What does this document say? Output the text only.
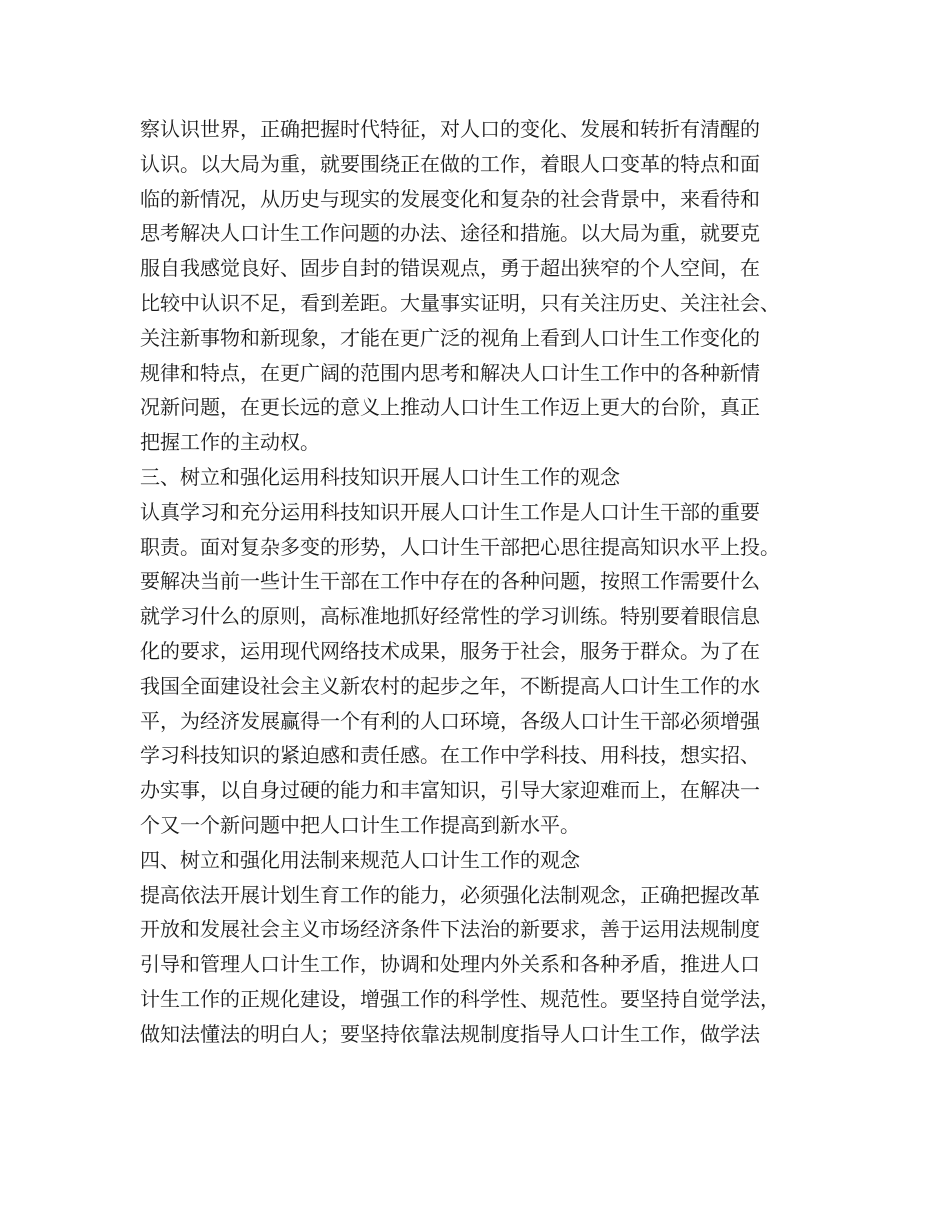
察认识世界，正确把握时代特征，对人口的变化、发展和转折有清醒的
认识。以大局为重，就要围绕正在做的工作，着眼人口变革的特点和面
临的新情况，从历史与现实的发展变化和复杂的社会背景中，来看待和
思考解决人口计生工作问题的办法、途径和措施。以大局为重，就要克
服自我感觉良好、固步自封的错误观点，勇于超出狭窄的个人空间，在
比较中认识不足，看到差距。大量事实证明，只有关注历史、关注社会、
关注新事物和新现象，才能在更广泛的视角上看到人口计生工作变化的
规律和特点，在更广阔的范围内思考和解决人口计生工作中的各种新情
况新问题，在更长远的意义上推动人口计生工作迈上更大的台阶，真正
把握工作的主动权。
三、树立和强化运用科技知识开展人口计生工作的观念
认真学习和充分运用科技知识开展人口计生工作是人口计生干部的重要
职责。面对复杂多变的形势，人口计生干部把心思往提高知识水平上投。
要解决当前一些计生干部在工作中存在的各种问题，按照工作需要什么
就学习什么的原则，高标准地抓好经常性的学习训练。特别要着眼信息
化的要求，运用现代网络技术成果，服务于社会，服务于群众。为了在
我国全面建设社会主义新农村的起步之年，不断提高人口计生工作的水
平，为经济发展赢得一个有利的人口环境，各级人口计生干部必须增强
学习科技知识的紧迫感和责任感。在工作中学科技、用科技，想实招、
办实事，以自身过硬的能力和丰富知识，引导大家迎难而上，在解决一
个又一个新问题中把人口计生工作提高到新水平。
四、树立和强化用法制来规范人口计生工作的观念
提高依法开展计划生育工作的能力，必须强化法制观念，正确把握改革
开放和发展社会主义市场经济条件下法治的新要求，善于运用法规制度
引导和管理人口计生工作，协调和处理内外关系和各种矛盾，推进人口
计生工作的正规化建设，增强工作的科学性、规范性。要坚持自觉学法，
做知法懂法的明白人；要坚持依靠法规制度指导人口计生工作，做学法
